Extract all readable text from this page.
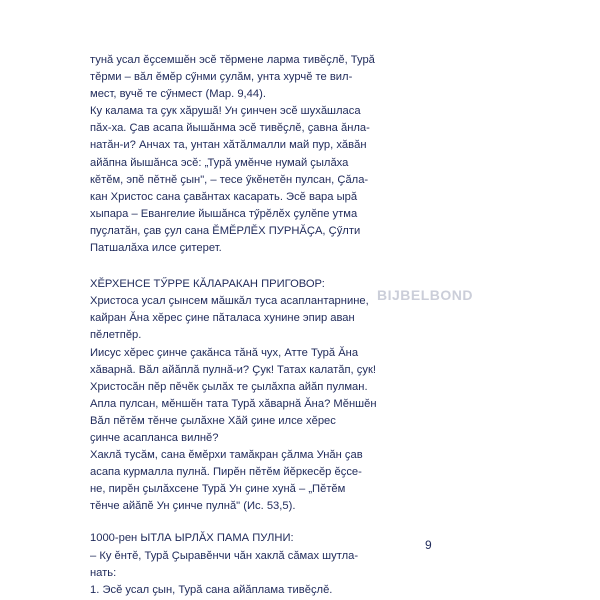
тунӑ усал ӗҫсемшӗн эсӗ тӗрмене ларма тивӗҫлӗ, Турӑ
тӗрми – вӑл ӗмӗр сӳнми ҫулӑм, унта хурчӗ те вил-
мест, вучӗ те сӳнмест (Мар. 9,44).

Ку калама та ҫук хӑрушӑ! Ун ҫинчен эсӗ шухӑшласа
пӑх-ха. Ҫав асапа йышӑнма эсӗ тивӗҫлӗ, ҫавна ӑнла-
натӑн-и? Анчах та, унтан хӑтӑлмалли май пур, хӑвӑн
айӑпна йышӑнса эсӗ: „Турӑ умӗнче нумай ҫылӑха
кӗтӗм, эпӗ пӗтнӗ ҫын", – тесе ӳкӗнетӗн пулсан, Ҫӑла-
кан Христос сана ҫавӑнтах касарать. Эсӗ вара ырӑ
хыпара – Евангелие йышӑнса тӳрӗлӗх ҫулӗпе утма
пуҫлатӑн, ҫав ҫул сана ӖМӖРЛӖХ ПУРНӐҪА, Ҫӳлти
Патшалӑха илсе ҫитерет.

ХӖРХЕНСЕ ТӲРРЕ КӐЛАРАКАН ПРИГОВОР:

Христоса усал ҫынсем мӑшкӑл туса асаплантарнине,
кайран Ӑна хӗрес ҫине пӑталаса хунине эпир аван
пӗлетпӗр.

Иисус хӗрес ҫинче ҫакӑнса тӑнӑ чух, Атте Турӑ Ӑна
хӑварнӑ. Вӑл айӑплӑ пулнӑ-и? Ҫук! Татах калатӑп, ҫук!
Христосӑн пӗр пӗчӗк ҫылӑх те ҫылӑхпа айӑп пулман.

Апла пулсан, мӗншӗн тата Турӑ хӑварнӑ Ӑна? Мӗншӗн
Вӑл пӗтӗм тӗнче ҫылӑхне Хӑй ҫине илсе хӗрес
ҫинче асапланса вилнӗ?

Хаклӑ тусӑм, сана ӗмӗрхи тамӑкран ҫӑлма Унӑн ҫав
асапа курмалла пулнӑ. Пирӗн пӗтӗм йӗркесӗр ӗҫсе-
не, пирӗн ҫылӑхсене Турӑ Ун ҫине хунӑ – „Пӗтӗм
тӗнче айӑпӗ Ун ҫинче пулнӑ" (Ис. 53,5).

1000-рен ЫТЛА ЫРЛӐХ ПАМА ПУЛНИ:

– Ку ӗнтӗ, Турӑ Ҫыравӗнчи чӑн хаклӑ сӑмах шутла-
нать:

1. Эсӗ усал ҫын, Турӑ сана айӑплама тивӗҫлӗ.

BIJBELBOND
9
